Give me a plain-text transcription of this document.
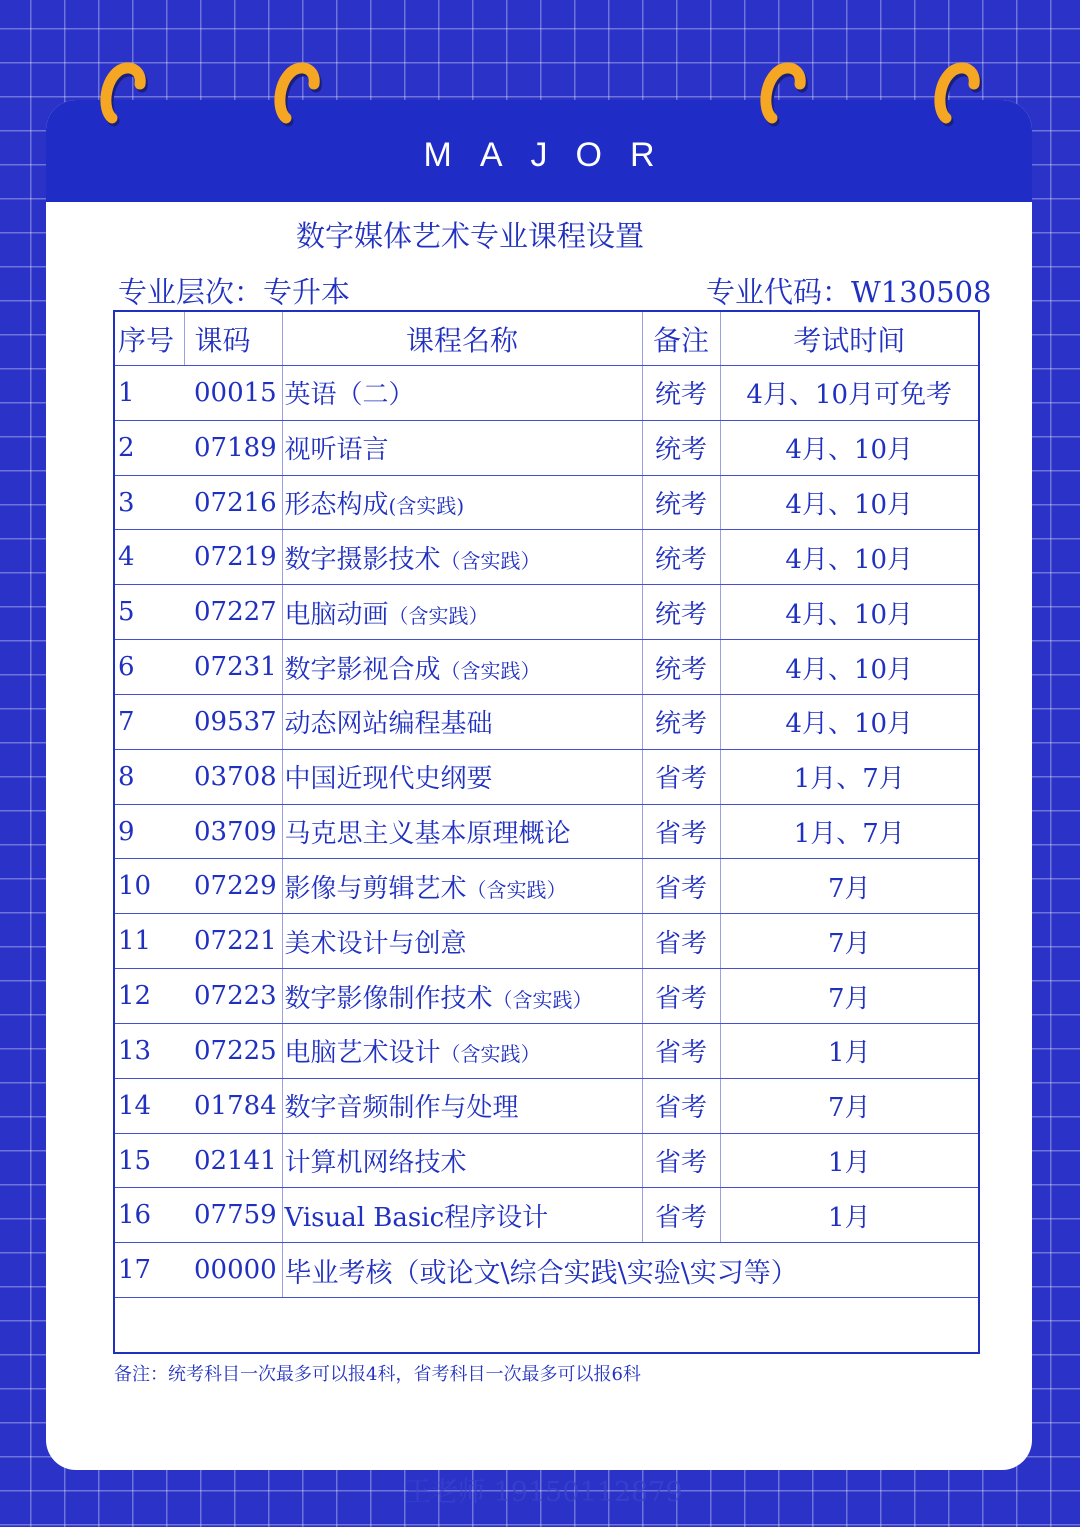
MAJOR
数字媒体艺术专业课程设置
专业层次：专升本	专业代码：W130508
序号	课码	课程名称	备注	考试时间
1	00015	英语（二）	统考	4月、10月可免考
2	07189	视听语言	统考	4月、10月
3	07216	形态构成(含实践)	统考	4月、10月
4	07219	数字摄影技术（含实践）	统考	4月、10月
5	07227	电脑动画（含实践）	统考	4月、10月
6	07231	数字影视合成（含实践）	统考	4月、10月
7	09537	动态网站编程基础	统考	4月、10月
8	03708	中国近现代史纲要	省考	1月、7月
9	03709	马克思主义基本原理概论	省考	1月、7月
10	07229	影像与剪辑艺术（含实践）	省考	7月
11	07221	美术设计与创意	省考	7月
12	07223	数字影像制作技术（含实践）	省考	7月
13	07225	电脑艺术设计（含实践）	省考	1月
14	01784	数字音频制作与处理	省考	7月
15	02141	计算机网络技术	省考	1月
16	07759	Visual Basic程序设计	省考	1月
17	00000	毕业考核（或论文\综合实践\实验\实习等）		

备注：统考科目一次最多可以报4科，省考科目一次最多可以报6科
王老师 19150112879
